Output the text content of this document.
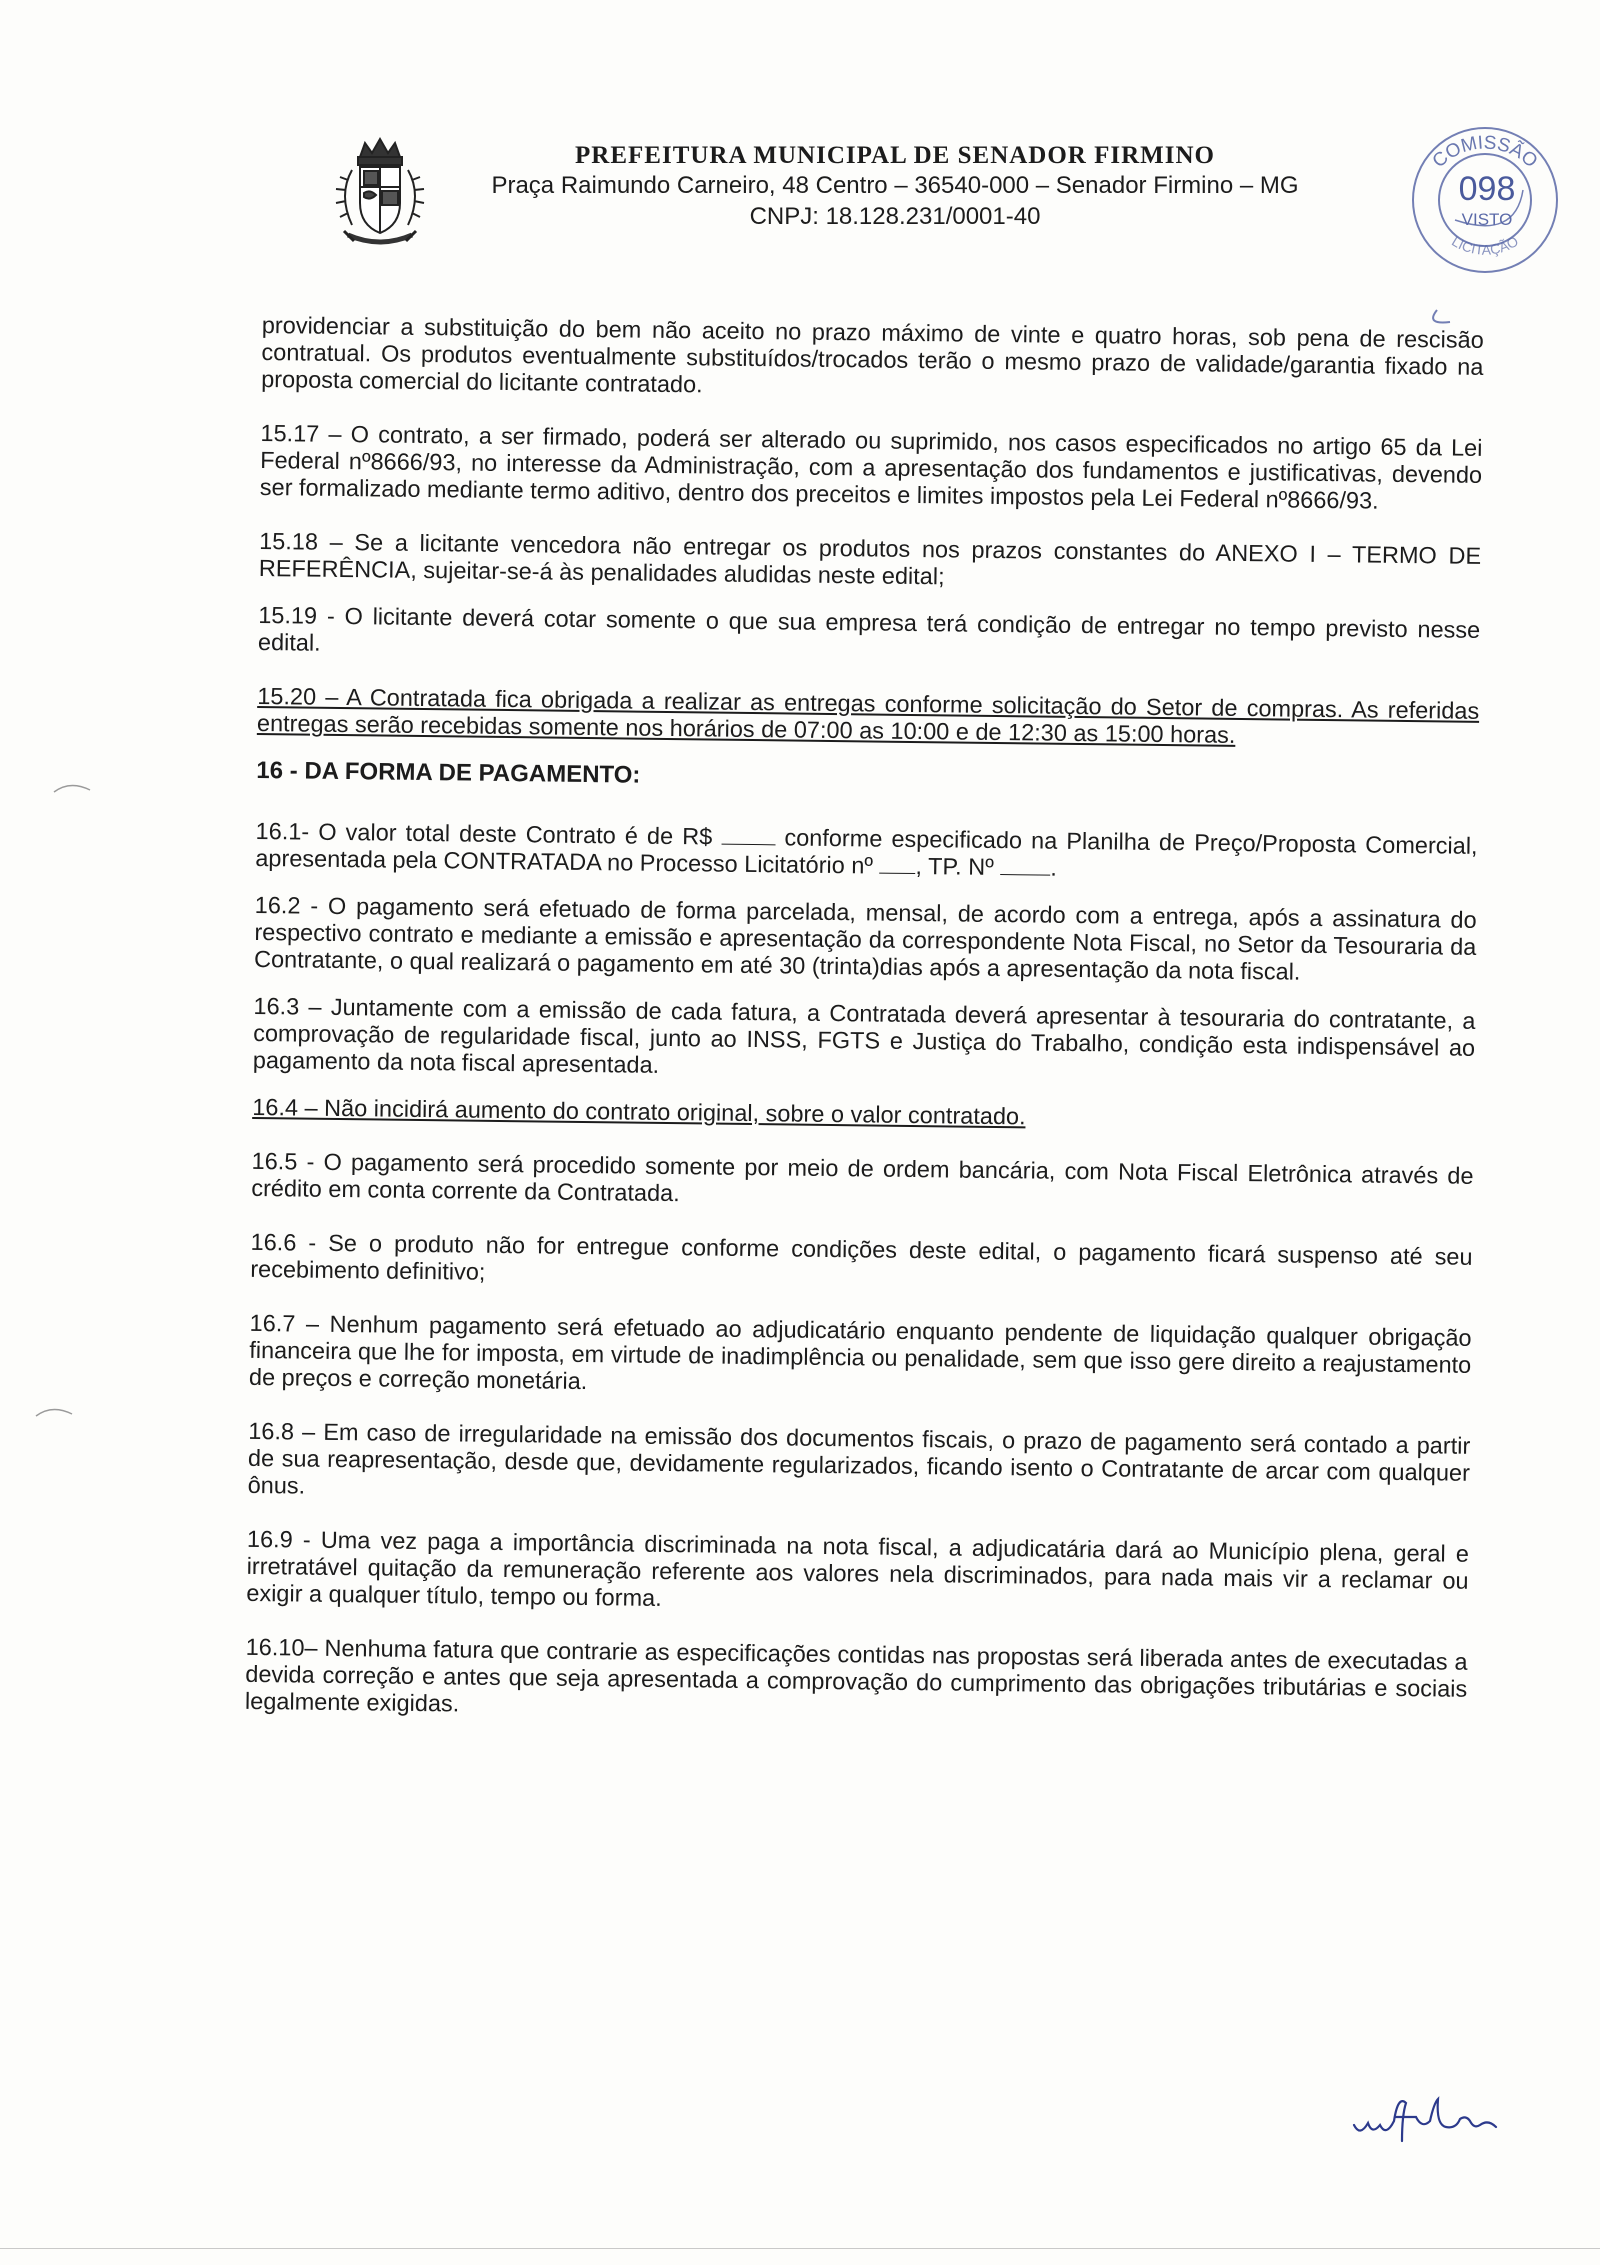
PREFEITURA MUNICIPAL DE SENADOR FIRMINO
Praça Raimundo Carneiro, 48 Centro – 36540-000 – Senador Firmino – MG
CNPJ: 18.128.231/0001-40
COMISSÃO
098
VISTO
LICITAÇÃO

providenciar a substituição do bem não aceito no prazo máximo de vinte e quatro horas, sob pena de rescisão contratual. Os produtos eventualmente substituídos/trocados terão o mesmo prazo de validade/garantia fixado na proposta comercial do licitante contratado.

15.17 – O contrato, a ser firmado, poderá ser alterado ou suprimido, nos casos especificados no artigo 65 da Lei Federal nº8666/93, no interesse da Administração, com a apresentação dos fundamentos e justificativas, devendo ser formalizado mediante termo aditivo, dentro dos preceitos e limites impostos pela Lei Federal nº8666/93.

15.18 – Se a licitante vencedora não entregar os produtos nos prazos constantes do ANEXO I – TERMO DE REFERÊNCIA, sujeitar-se-á às penalidades aludidas neste edital;

15.19 - O licitante deverá cotar somente o que sua empresa terá condição de entregar no tempo previsto nesse edital.

15.20 – A Contratada fica obrigada a realizar as entregas conforme solicitação do Setor de compras. As referidas entregas serão recebidas somente nos horários de 07:00 as 10:00 e de 12:30 as 15:00 horas.

16 - DA FORMA DE PAGAMENTO:

16.1- O valor total deste Contrato é de R$	conforme especificado na Planilha de Preço/Proposta Comercial, apresentada pela CONTRATADA no Processo Licitatório nº , TP. Nº .

16.2 - O pagamento será efetuado de forma parcelada, mensal, de acordo com a entrega, após a assinatura do respectivo contrato e mediante a emissão e apresentação da correspondente Nota Fiscal, no Setor da Tesouraria da Contratante, o qual realizará o pagamento em até 30 (trinta)dias após a apresentação da nota fiscal.

16.3 – Juntamente com a emissão de cada fatura, a Contratada deverá apresentar à tesouraria do contratante, a comprovação de regularidade fiscal, junto ao INSS, FGTS e Justiça do Trabalho, condição esta indispensável ao pagamento da nota fiscal apresentada.

16.4 – Não incidirá aumento do contrato original, sobre o valor contratado.

16.5 - O pagamento será procedido somente por meio de ordem bancária, com Nota Fiscal Eletrônica através de crédito em conta corrente da Contratada.

16.6 - Se o produto não for entregue conforme condições deste edital, o pagamento ficará suspenso até seu recebimento definitivo;

16.7 – Nenhum pagamento será efetuado ao adjudicatário enquanto pendente de liquidação qualquer obrigação financeira que lhe for imposta, em virtude de inadimplência ou penalidade, sem que isso gere direito a reajustamento de preços e correção monetária.

16.8 – Em caso de irregularidade na emissão dos documentos fiscais, o prazo de pagamento será contado a partir de sua reapresentação, desde que, devidamente regularizados, ficando isento o Contratante de arcar com qualquer ônus.

16.9 - Uma vez paga a importância discriminada na nota fiscal, a adjudicatária dará ao Município plena, geral e irretratável quitação da remuneração referente aos valores nela discriminados, para nada mais vir a reclamar ou exigir a qualquer título, tempo ou forma.

16.10– Nenhuma fatura que contrarie as especificações contidas nas propostas será liberada antes de executadas a devida correção e antes que seja apresentada a comprovação do cumprimento das obrigações tributárias e sociais legalmente exigidas.
